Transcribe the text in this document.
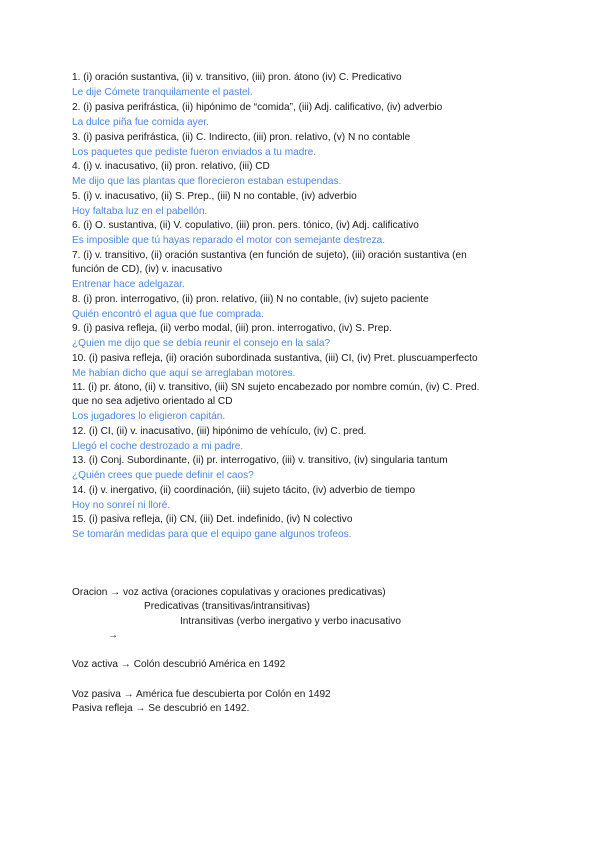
1. (i) oración sustantiva, (ii) v. transitivo, (iii) pron. átono (iv) C. Predicativo
Le dije Cómete tranquilamente el pastel.
2. (i) pasiva perifrástica, (ii) hipónimo de “comida”, (iii) Adj. calificativo, (iv) adverbio
La dulce piña fue comida ayer.
3. (i) pasiva perifrástica, (ii) C. Indirecto, (iii) pron. relativo, (v) N no contable
Los paquetes que pediste fueron enviados a tu madre.
4. (i) v. inacusativo, (ii) pron. relativo, (iii) CD
Me dijo que las plantas que florecieron estaban estupendas.
5. (i) v. inacusativo, (ii) S. Prep., (iii) N no contable, (iv) adverbio
Hoy faltaba luz en el pabellón.
6. (i) O. sustantiva, (ii) V. copulativo, (iii) pron. pers. tónico, (iv) Adj. calificativo
Es imposible que tú hayas reparado el motor con semejante destreza.
7. (i) v. transitivo, (ii) oración sustantiva (en función de sujeto), (iii) oración sustantiva (en
función de CD), (iv) v. inacusativo
Entrenar hace adelgazar.
8. (i) pron. interrogativo, (ii) pron. relativo, (iii) N no contable, (iv) sujeto paciente
Quién encontró el agua que fue comprada.
9. (i) pasiva refleja, (ii) verbo modal, (iii) pron. interrogativo, (iv) S. Prep.
¿Quien me dijo que se debía reunir el consejo en la sala?
10. (i) pasiva refleja, (ii) oración subordinada sustantiva, (iii) CI, (iv) Pret. pluscuamperfecto
Me habían dicho que aquí se arreglaban motores.
11. (i) pr. átono, (ii) v. transitivo, (iii) SN sujeto encabezado por nombre común, (iv) C. Pred.
que no sea adjetivo orientado al CD
Los jugadores lo eligieron capitán.
12. (i) CI, (ii) v. inacusativo, (iii) hipónimo de vehículo, (iv) C. pred.
Llegó el coche destrozado a mi padre.
13. (i) Conj. Subordinante, (ii) pr. interrogativo, (iii) v. transitivo, (iv) singularia tantum
¿Quién crees que puede definir el caos?
14. (i) v. inergativo, (ii) coordinación, (iii) sujeto tácito, (iv) adverbio de tiempo
Hoy no sonreí ni lloré.
15. (i) pasiva refleja, (ii) CN, (iii) Det. indefinido, (iv) N colectivo
Se tomarán medidas para que el equipo gane algunos trofeos.
Oracion → voz activa (oraciones copulativas y oraciones predicativas)
Predicativas (transitivas/intransitivas)
Intransitivas (verbo inergativo y verbo inacusativo
→
Voz activa → Colón descubrió América en 1492
Voz pasiva → América fue descubierta por Colón en 1492
Pasiva refleja → Se descubrió en 1492.
